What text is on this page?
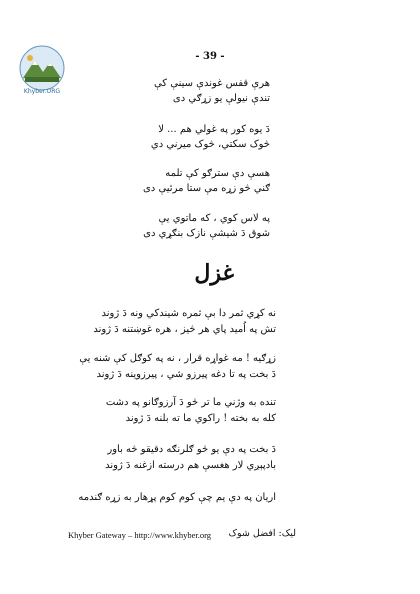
Khyber.ORG
- 39 -
هرې قفس غوندې سينې کې
تندې نيولې يو زړګي دی
دَ يوه کور په غولي هم ... لا
څوک سکتي، څوک ميرني دي
هسې دې سترګو کې تلمه
ګني څو زړه مې ستا مرئيې دی
په لاس کوي ، که ماتوي يې
شوق دَ شيشې نازک بنګړي دی
غزل
نه کړي ثمر دا بې ثمره شيندکي ونه دَ ژوند
تش په اُميد پاي هر څيز ، هره غوښتنه دَ ژوند
زړګيه ! مه غواړه قرار ، نه په کوګل کې شنه يې
دَ بخت په تا دغه پيرزو شي ، پيرزوينه دَ ژوند
تنده به وژني ما تر څو دَ آرزوګانو په دشت
کله به بخته ! راکوي ما ته بلنه دَ ژوند
دَ بخت په دې يو څو ګلرنګه دقيقو څه باور
بادپېږي لار هغسې هم درسته ازغنه دَ ژوند
اريان په دې يم چې کوم کوم پړهار به زړه ګندمه
Khyber Gateway – http://www.khyber.org ليک: افضل شوک
